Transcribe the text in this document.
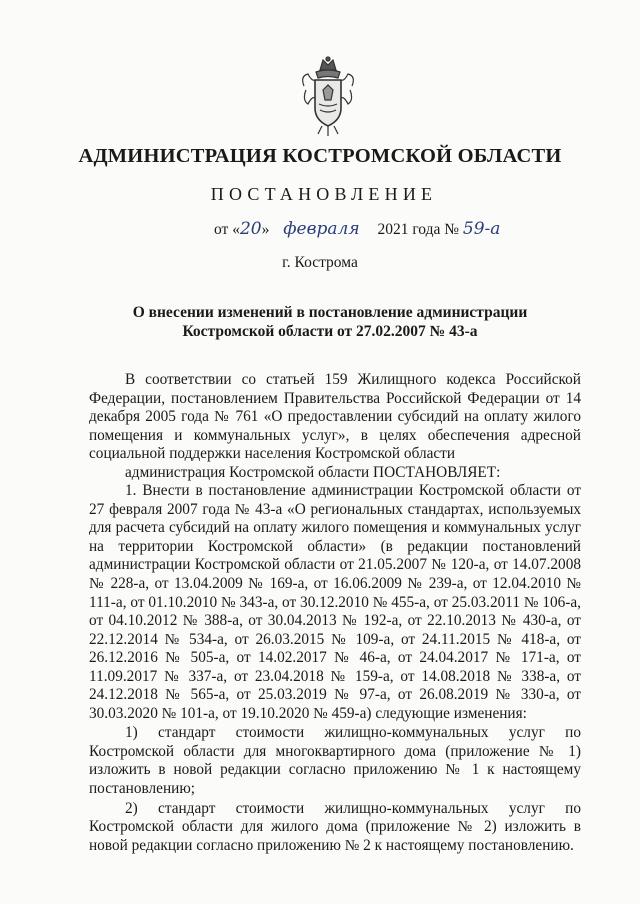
АДМИНИСТРАЦИЯ КОСТРОМСКОЙ ОБЛАСТИ
ПОСТАНОВЛЕНИЕ
от «20» февраля 2021 года № 59-а
г. Кострома
О внесении изменений в постановление администрации
Костромской области от 27.02.2007 № 43-а

В соответствии со статьей 159 Жилищного кодекса Российской Федерации, постановлением Правительства Российской Федерации от 14 декабря 2005 года № 761 «О предоставлении субсидий на оплату жилого помещения и коммунальных услуг», в целях обеспечения адресной социальной поддержки населения Костромской области

администрация Костромской области ПОСТАНОВЛЯЕТ:

1. Внести в постановление администрации Костромской области от 27 февраля 2007 года № 43-а «О региональных стандартах, используемых для расчета субсидий на оплату жилого помещения и коммунальных услуг на территории Костромской области» (в редакции постановлений администрации Костромской области от 21.05.2007 № 120-а, от 14.07.2008 № 228-а, от 13.04.2009 № 169-а, от 16.06.2009 № 239-а, от 12.04.2010 № 111-а, от 01.10.2010 № 343-а, от 30.12.2010 № 455-а, от 25.03.2011 № 106-а, от 04.10.2012 № 388-а, от 30.04.2013 № 192-а, от 22.10.2013 № 430-а, от 22.12.2014 № 534-а, от 26.03.2015 № 109-а, от 24.11.2015 № 418-а, от 26.12.2016 № 505-а, от 14.02.2017 № 46-а, от 24.04.2017 № 171-а, от 11.09.2017 № 337-а, от 23.04.2018 № 159-а, от 14.08.2018 № 338-а, от 24.12.2018 № 565-а, от 25.03.2019 № 97-а, от 26.08.2019 № 330-а, от 30.03.2020 № 101-а, от 19.10.2020 № 459-а) следующие изменения:

1) стандарт стоимости жилищно-коммунальных услуг по Костромской области для многоквартирного дома (приложение № 1) изложить в новой редакции согласно приложению № 1 к настоящему постановлению;

2) стандарт стоимости жилищно-коммунальных услуг по Костромской области для жилого дома (приложение № 2) изложить в новой редакции согласно приложению № 2 к настоящему постановлению.
